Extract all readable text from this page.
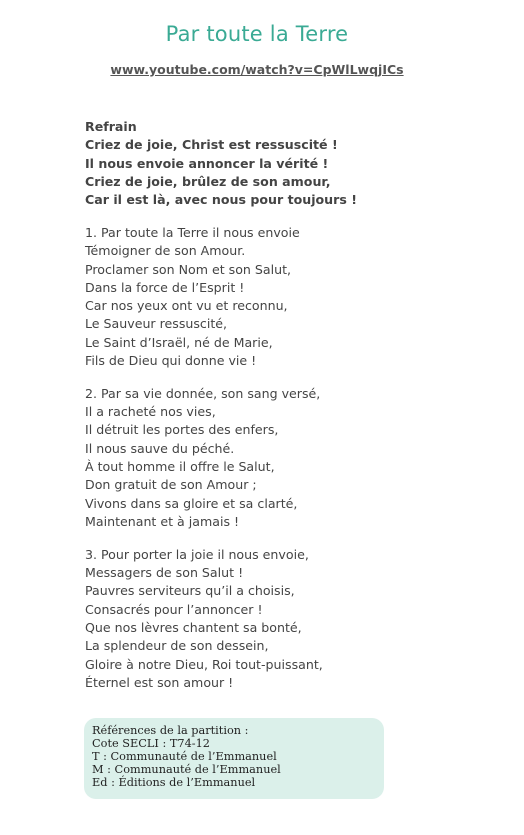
Par toute la Terre
www.youtube.com/watch?v=CpWlLwqjICs
Refrain
Criez de joie, Christ est ressuscité !
Il nous envoie annoncer la vérité !
Criez de joie, brûlez de son amour,
Car il est là, avec nous pour toujours !
1. Par toute la Terre il nous envoie
Témoigner de son Amour.
Proclamer son Nom et son Salut,
Dans la force de l’Esprit !
Car nos yeux ont vu et reconnu,
Le Sauveur ressuscité,
Le Saint d’Israël, né de Marie,
Fils de Dieu qui donne vie !
2. Par sa vie donnée, son sang versé,
Il a racheté nos vies,
Il détruit les portes des enfers,
Il nous sauve du péché.
À tout homme il offre le Salut,
Don gratuit de son Amour ;
Vivons dans sa gloire et sa clarté,
Maintenant et à jamais !
3. Pour porter la joie il nous envoie,
Messagers de son Salut !
Pauvres serviteurs qu’il a choisis,
Consacrés pour l’annoncer !
Que nos lèvres chantent sa bonté,
La splendeur de son dessein,
Gloire à notre Dieu, Roi tout-puissant,
Éternel est son amour !
Références de la partition :
Cote SECLI : T74-12
T : Communauté de l’Emmanuel
M : Communauté de l’Emmanuel
Ed : Éditions de l’Emmanuel
